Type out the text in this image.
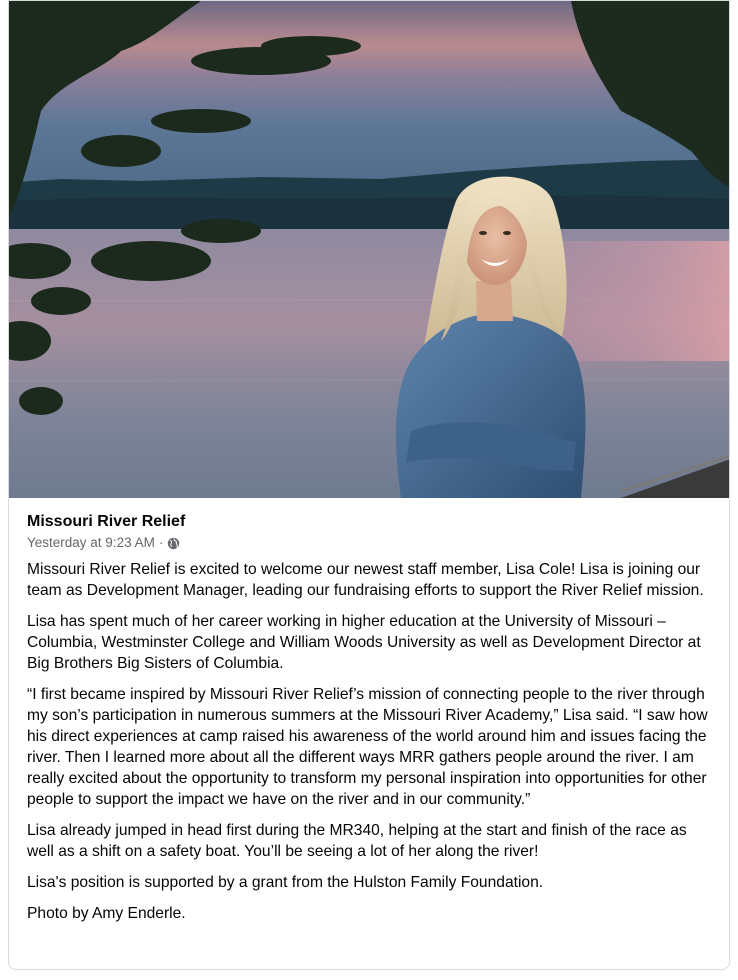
Missouri River Relief
Yesterday at 9:23 AM ·

Missouri River Relief is excited to welcome our newest staff member, Lisa Cole! Lisa is joining our team as Development Manager, leading our fundraising efforts to support the River Relief mission.

Lisa has spent much of her career working in higher education at the University of Missouri – Columbia, Westminster College and William Woods University as well as Development Director at Big Brothers Big Sisters of Columbia.

“I first became inspired by Missouri River Relief’s mission of connecting people to the river through my son’s participation in numerous summers at the Missouri River Academy,” Lisa said. “I saw how his direct experiences at camp raised his awareness of the world around him and issues facing the river. Then I learned more about all the different ways MRR gathers people around the river. I am really excited about the opportunity to transform my personal inspiration into opportunities for other people to support the impact we have on the river and in our community.”

Lisa already jumped in head first during the MR340, helping at the start and finish of the race as well as a shift on a safety boat. You’ll be seeing a lot of her along the river!

Lisa's position is supported by a grant from the Hulston Family Foundation.

Photo by Amy Enderle.
